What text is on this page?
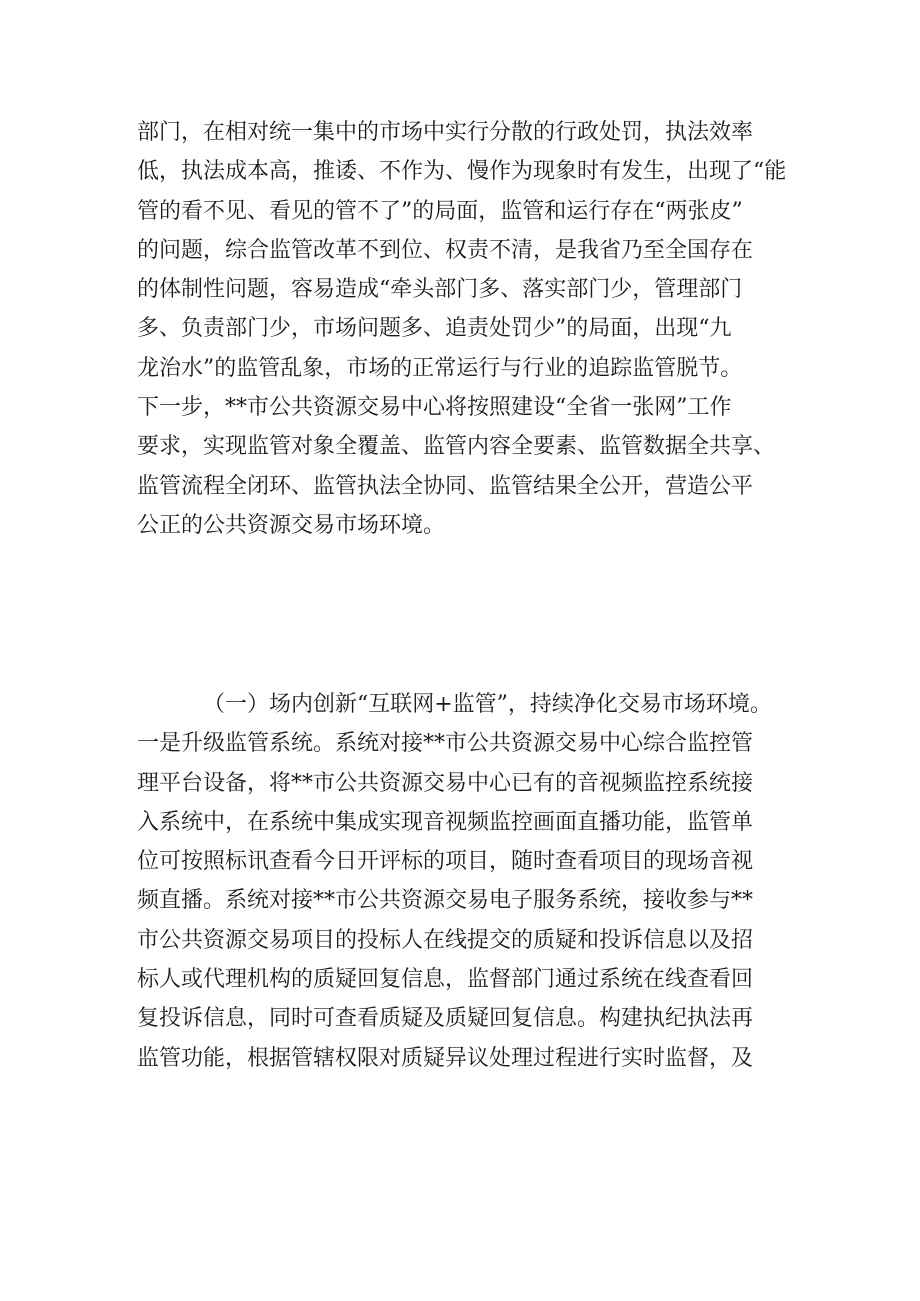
部门，在相对统一集中的市场中实行分散的行政处罚，执法效率
低，执法成本高，推诿、不作为、慢作为现象时有发生，出现了“能
管的看不见、看见的管不了”的局面，监管和运行存在“两张皮”
的问题，综合监管改革不到位、权责不清，是我省乃至全国存在
的体制性问题，容易造成“牵头部门多、落实部门少，管理部门
多、负责部门少，市场问题多、追责处罚少”的局面，出现“九
龙治水”的监管乱象，市场的正常运行与行业的追踪监管脱节。
下一步，**市公共资源交易中心将按照建设“全省一张网”工作
要求，实现监管对象全覆盖、监管内容全要素、监管数据全共享、
监管流程全闭环、监管执法全协同、监管结果全公开，营造公平
公正的公共资源交易市场环境。
（一）场内创新“互联网+监管”，持续净化交易市场环境。
一是升级监管系统。系统对接**市公共资源交易中心综合监控管
理平台设备，将**市公共资源交易中心已有的音视频监控系统接
入系统中，在系统中集成实现音视频监控画面直播功能，监管单
位可按照标讯查看今日开评标的项目，随时查看项目的现场音视
频直播。系统对接**市公共资源交易电子服务系统，接收参与**
市公共资源交易项目的投标人在线提交的质疑和投诉信息以及招
标人或代理机构的质疑回复信息，监督部门通过系统在线查看回
复投诉信息，同时可查看质疑及质疑回复信息。构建执纪执法再
监管功能，根据管辖权限对质疑异议处理过程进行实时监督，及
